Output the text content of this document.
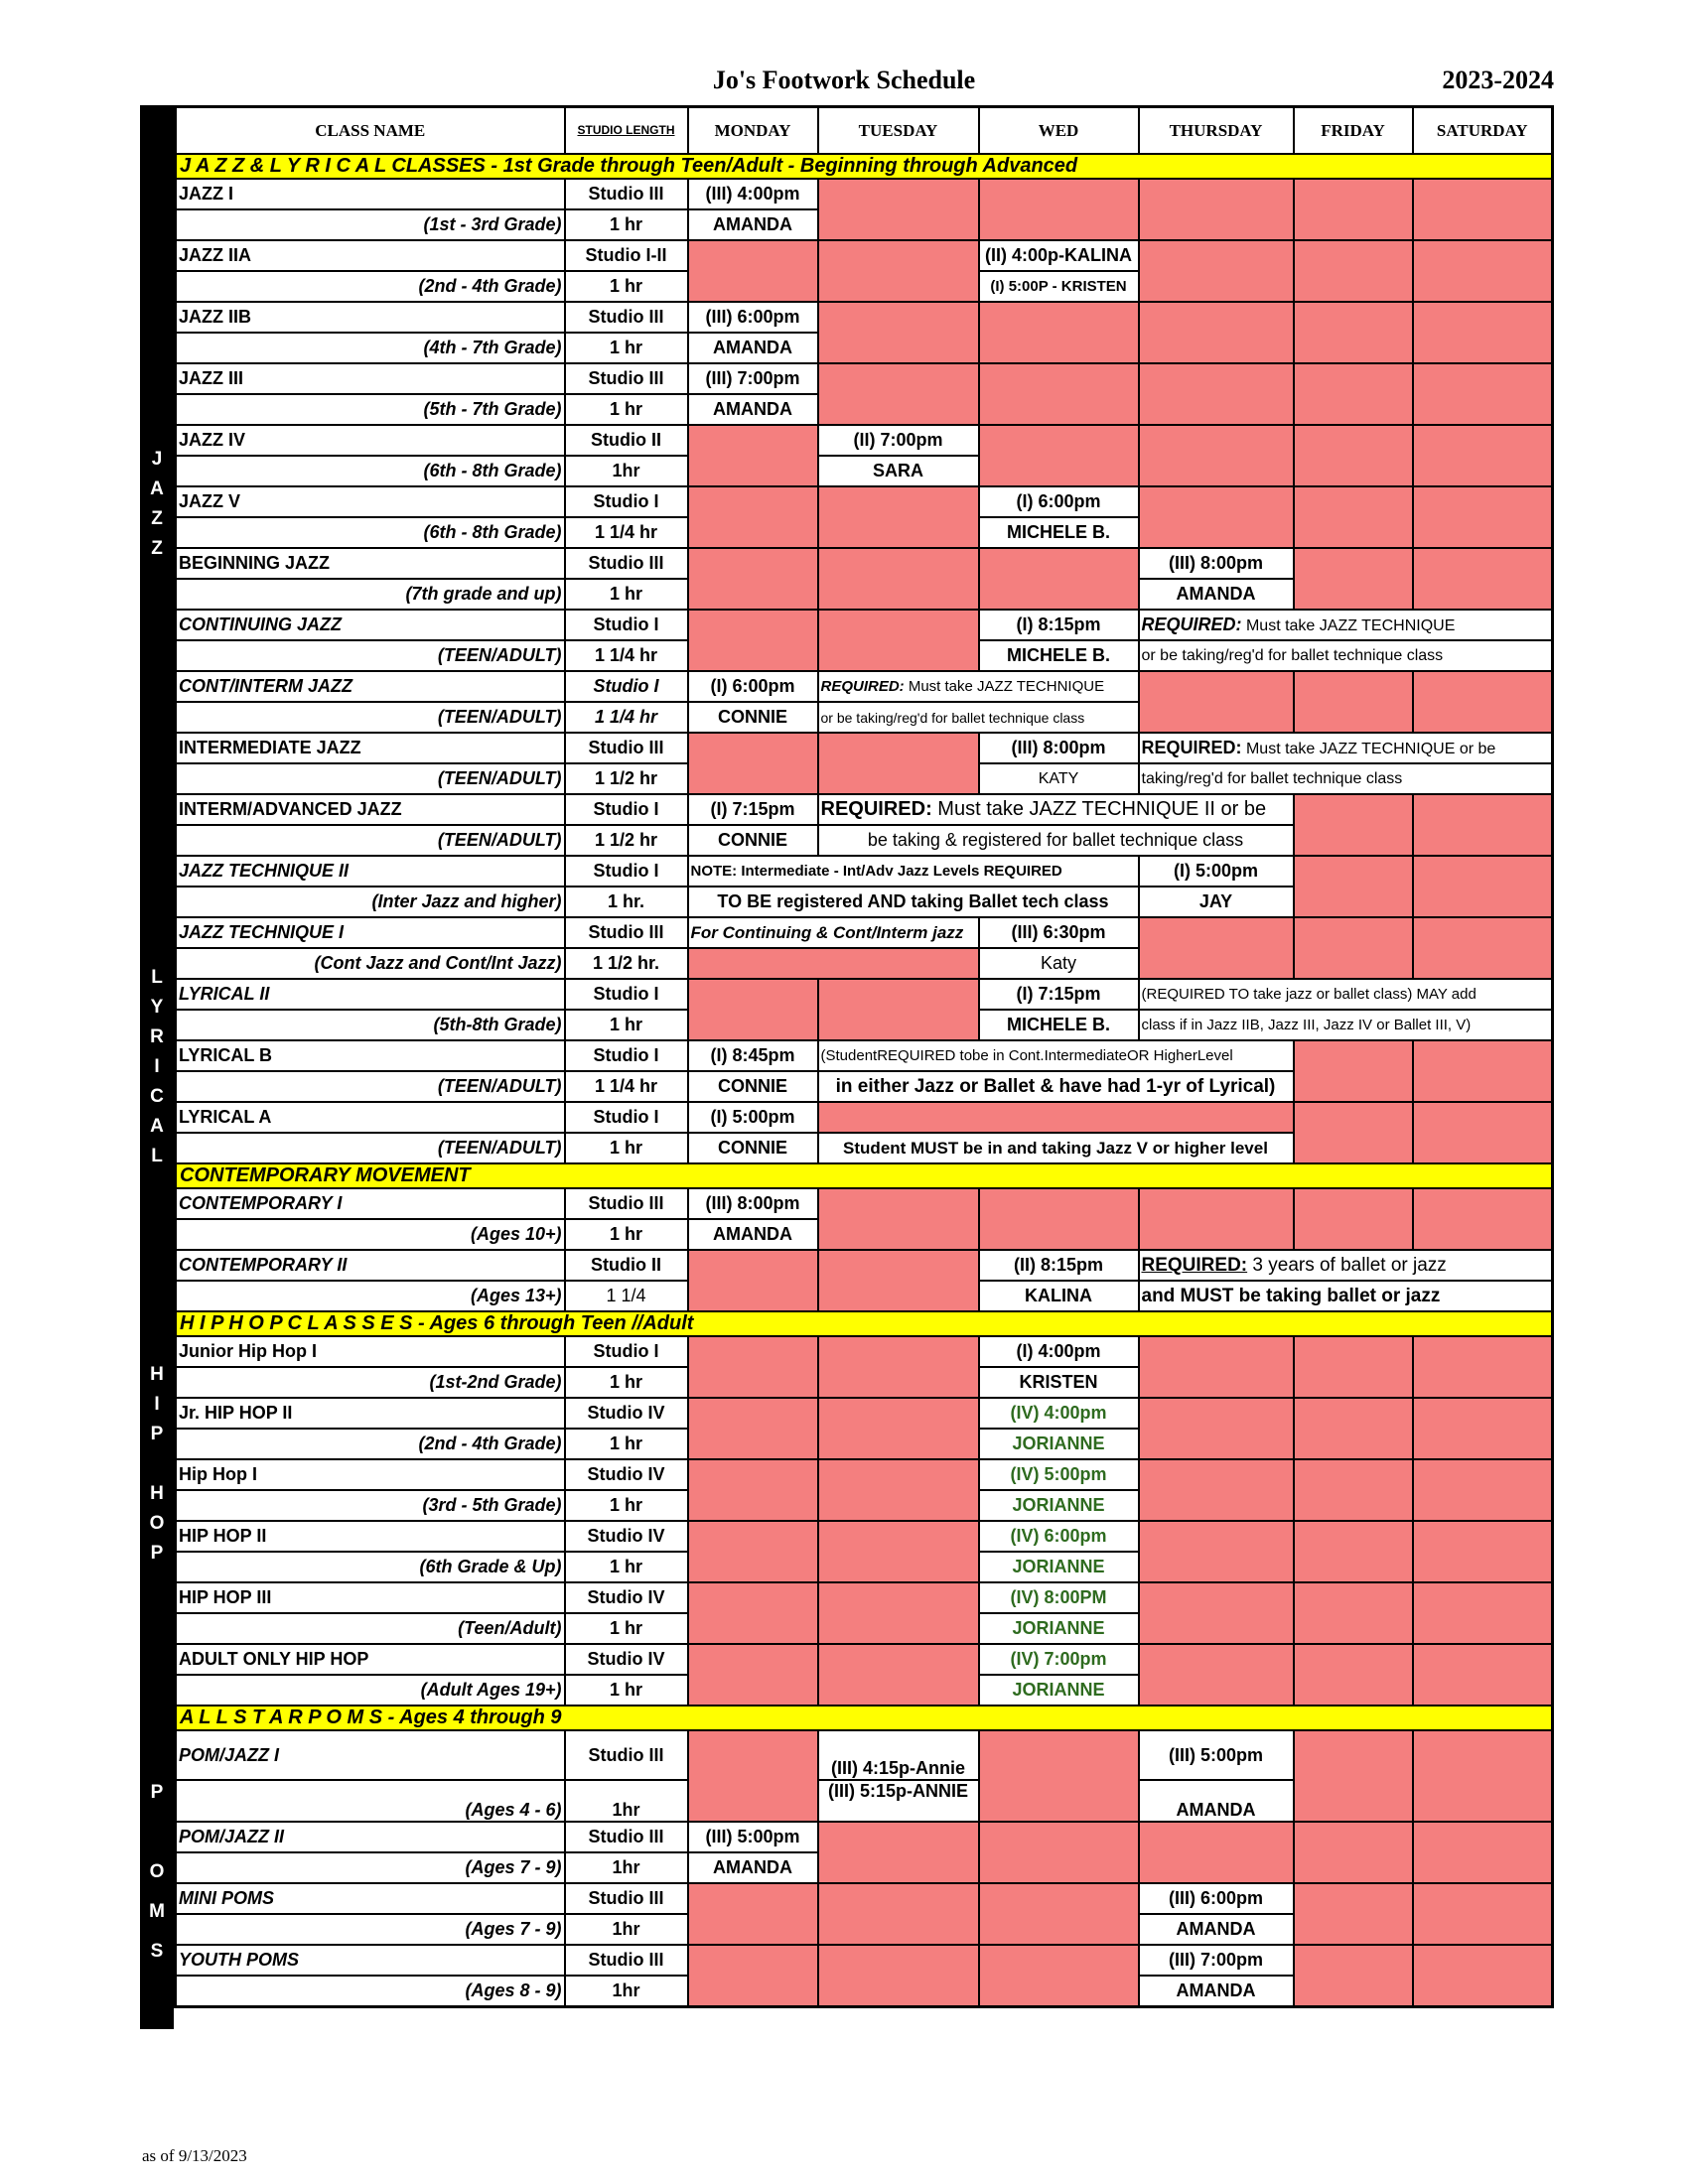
Jo's Footwork Schedule	2023-2024
J
A
Z
Z
L
Y
R
I
C
A
L
H
I
P

H
O
P
P

O
M
S
CLASS NAME	STUDIO LENGTH	MONDAY	TUESDAY	WED	THURSDAY	FRIDAY	SATURDAY
J A Z Z & L Y R I C A L CLASSES - 1st Grade through Teen/Adult - Beginning through Advanced							
JAZZ I	Studio III	(III) 4:00pm					
(1st - 3rd Grade)	1 hr	AMANDA					
JAZZ IIA	Studio I-II			(II) 4:00p-KALINA			
(2nd - 4th Grade)	1 hr			(I) 5:00P - KRISTEN			
JAZZ IIB	Studio III	(III) 6:00pm					
(4th - 7th Grade)	1 hr	AMANDA					
JAZZ III	Studio III	(III) 7:00pm					
(5th - 7th Grade)	1 hr	AMANDA					
JAZZ IV	Studio II		(II) 7:00pm				
(6th - 8th Grade)	1hr		SARA				
JAZZ V	Studio I			(I) 6:00pm			
(6th - 8th Grade)	1 1/4 hr			MICHELE B.			
BEGINNING JAZZ	Studio III				(III) 8:00pm		
(7th grade and up)	1 hr				AMANDA		
CONTINUING JAZZ	Studio I			(I) 8:15pm	REQUIRED: Must take JAZZ TECHNIQUE		
(TEEN/ADULT)	1 1/4 hr			MICHELE B.	or be taking/reg'd for ballet technique class		
CONT/INTERM JAZZ	Studio I	(I) 6:00pm	REQUIRED: Must take JAZZ TECHNIQUE				
(TEEN/ADULT)	1 1/4 hr	CONNIE	or be taking/reg'd for ballet technique class				
INTERMEDIATE JAZZ	Studio III			(III) 8:00pm	REQUIRED: Must take JAZZ TECHNIQUE or be		
(TEEN/ADULT)	1 1/2 hr			KATY	taking/reg'd for ballet technique class		
INTERM/ADVANCED JAZZ	Studio I	(I) 7:15pm	REQUIRED: Must take JAZZ TECHNIQUE II or be				
(TEEN/ADULT)	1 1/2 hr	CONNIE	be taking & registered for ballet technique class				
JAZZ TECHNIQUE II	Studio I	NOTE: Intermediate - Int/Adv Jazz Levels REQUIRED			(I) 5:00pm		
(Inter Jazz and higher)	1 hr.	TO BE registered AND taking Ballet tech class			JAY		
JAZZ TECHNIQUE I	Studio III	For Continuing & Cont/Interm jazz		(III) 6:30pm			
(Cont Jazz and Cont/Int Jazz)	1 1/2 hr.			Katy			
LYRICAL II	Studio I			(I) 7:15pm	(REQUIRED TO take jazz or ballet class) MAY add		
(5th-8th Grade)	1 hr			MICHELE B.	class if in Jazz IIB, Jazz III, Jazz IV or Ballet III, V)		
LYRICAL B	Studio I	(I) 8:45pm	(StudentREQUIRED tobe in Cont.IntermediateOR HigherLevel				
(TEEN/ADULT)	1 1/4 hr	CONNIE	in either Jazz or Ballet & have had 1-yr of Lyrical)				
LYRICAL A	Studio I	(I) 5:00pm					
(TEEN/ADULT)	1 hr	CONNIE	Student MUST be in and taking Jazz V or higher level				
CONTEMPORARY MOVEMENT							
CONTEMPORARY I	Studio III	(III) 8:00pm					
(Ages 10+)	1 hr	AMANDA					
CONTEMPORARY II	Studio II			(II) 8:15pm	REQUIRED: 3 years of ballet or jazz		
(Ages 13+)	1 1/4			KALINA	and MUST be taking ballet or jazz		
H I P H O P C L A S S E S - Ages 6 through Teen //Adult							
Junior Hip Hop I	Studio I			(I) 4:00pm			
(1st-2nd Grade)	1 hr			KRISTEN			
Jr. HIP HOP II	Studio IV			(IV) 4:00pm			
(2nd - 4th Grade)	1 hr			JORIANNE			
Hip Hop I	Studio IV			(IV) 5:00pm			
(3rd - 5th Grade)	1 hr			JORIANNE			
HIP HOP II	Studio IV			(IV) 6:00pm			
(6th Grade & Up)	1 hr			JORIANNE			
HIP HOP III	Studio IV			(IV) 8:00PM			
(Teen/Adult)	1 hr			JORIANNE			
ADULT ONLY HIP HOP	Studio IV			(IV) 7:00pm			
(Adult Ages 19+)	1 hr			JORIANNE			
A L L S T A R P O M S - Ages 4 through 9							
POM/JAZZ I	Studio III		(III) 4:15p-Annie		(III) 5:00pm		
(Ages 4 - 6)	1hr		(III) 5:15p-ANNIE		AMANDA		
POM/JAZZ II	Studio III	(III) 5:00pm					
(Ages 7 - 9)	1hr	AMANDA					
MINI POMS	Studio III				(III) 6:00pm		
(Ages 7 - 9)	1hr				AMANDA		
YOUTH POMS	Studio III				(III) 7:00pm		
(Ages 8 - 9)	1hr				AMANDA		
as of 9/13/2023
